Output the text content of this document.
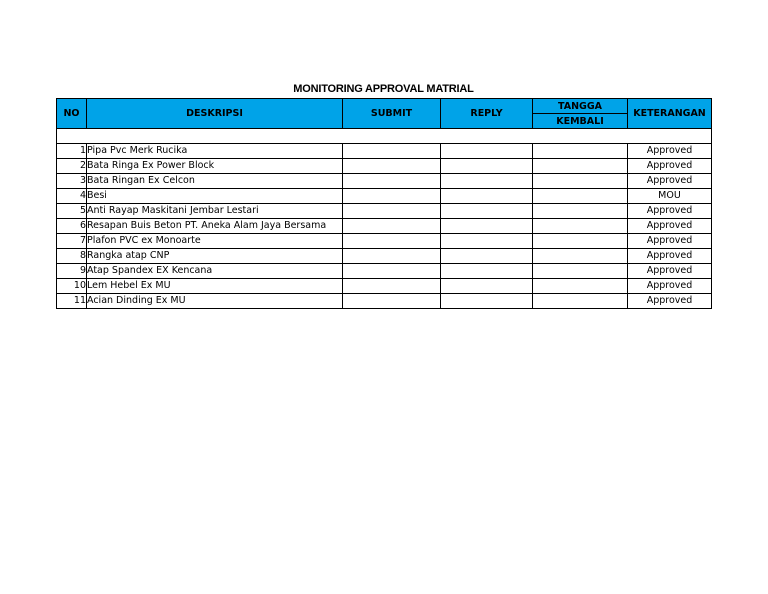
MONITORING APPROVAL MATRIAL
NO	DESKRIPSI	SUBMIT	REPLY	TANGGA	KETERANGAN
				KEMBALI	

1	Pipa Pvc Merk Rucika				Approved
2	Bata Ringa Ex Power Block				Approved
3	Bata Ringan Ex Celcon				Approved
4	Besi				MOU
5	Anti Rayap Maskitani Jembar Lestari				Approved
6	Resapan Buis Beton PT. Aneka Alam Jaya Bersama				Approved
7	Plafon PVC ex Monoarte				Approved
8	Rangka atap CNP				Approved
9	Atap Spandex EX Kencana				Approved
10	Lem Hebel Ex MU				Approved
11	Acian Dinding Ex MU				Approved
